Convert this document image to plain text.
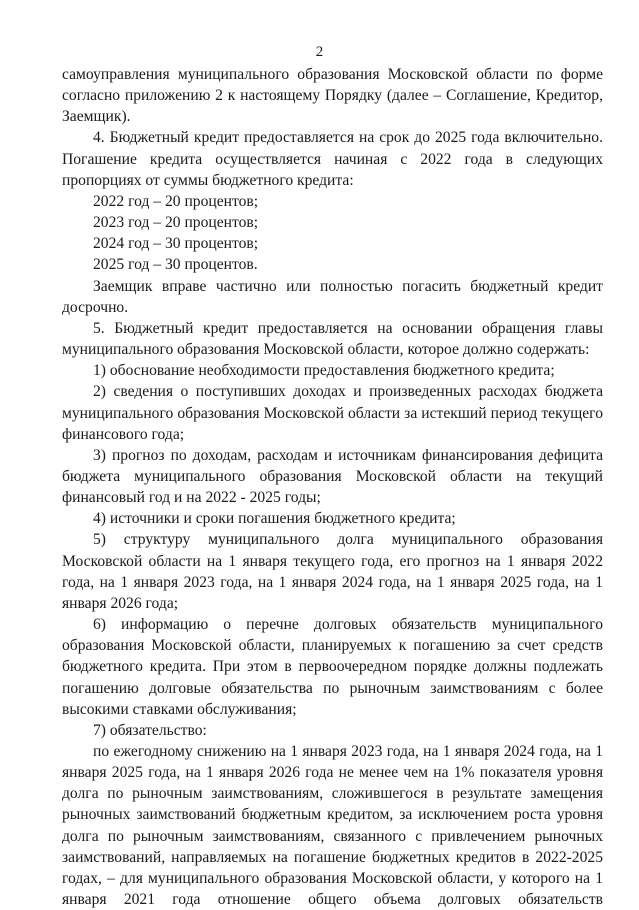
2

самоуправления муниципального образования Московской области по форме согласно приложению 2 к настоящему Порядку (далее – Соглашение, Кредитор, Заемщик).

4. Бюджетный кредит предоставляется на срок до 2025 года включительно. Погашение кредита осуществляется начиная с 2022 года в следующих пропорциях от суммы бюджетного кредита:

2022 год – 20 процентов;

2023 год – 20 процентов;

2024 год – 30 процентов;

2025 год – 30 процентов.

Заемщик вправе частично или полностью погасить бюджетный кредит досрочно.

5. Бюджетный кредит предоставляется на основании обращения главы муниципального образования Московской области, которое должно содержать:

1) обоснование необходимости предоставления бюджетного кредита;

2) сведения о поступивших доходах и произведенных расходах бюджета муниципального образования Московской области за истекший период текущего финансового года;

3) прогноз по доходам, расходам и источникам финансирования дефицита бюджета муниципального образования Московской области на текущий финансовый год и на 2022 - 2025 годы;

4) источники и сроки погашения бюджетного кредита;

5) структуру муниципального долга муниципального образования Московской области на 1 января текущего года, его прогноз на 1 января 2022 года, на 1 января 2023 года, на 1 января 2024 года, на 1 января 2025 года, на 1 января 2026 года;

6) информацию о перечне долговых обязательств муниципального образования Московской области, планируемых к погашению за счет средств бюджетного кредита. При этом в первоочередном порядке должны подлежать погашению долговые обязательства по рыночным заимствованиям с более высокими ставками обслуживания;

7) обязательство:

по ежегодному снижению на 1 января 2023 года, на 1 января 2024 года, на 1 января 2025 года, на 1 января 2026 года не менее чем на 1% показателя уровня долга по рыночным заимствованиям, сложившегося в результате замещения рыночных заимствований бюджетным кредитом, за исключением роста уровня долга по рыночным заимствованиям, связанного с привлечением рыночных заимствований, направляемых на погашение бюджетных кредитов в 2022-2025 годах, – для муниципального образования Московской области, у которого на 1 января 2021 года отношение общего объема долговых обязательств
